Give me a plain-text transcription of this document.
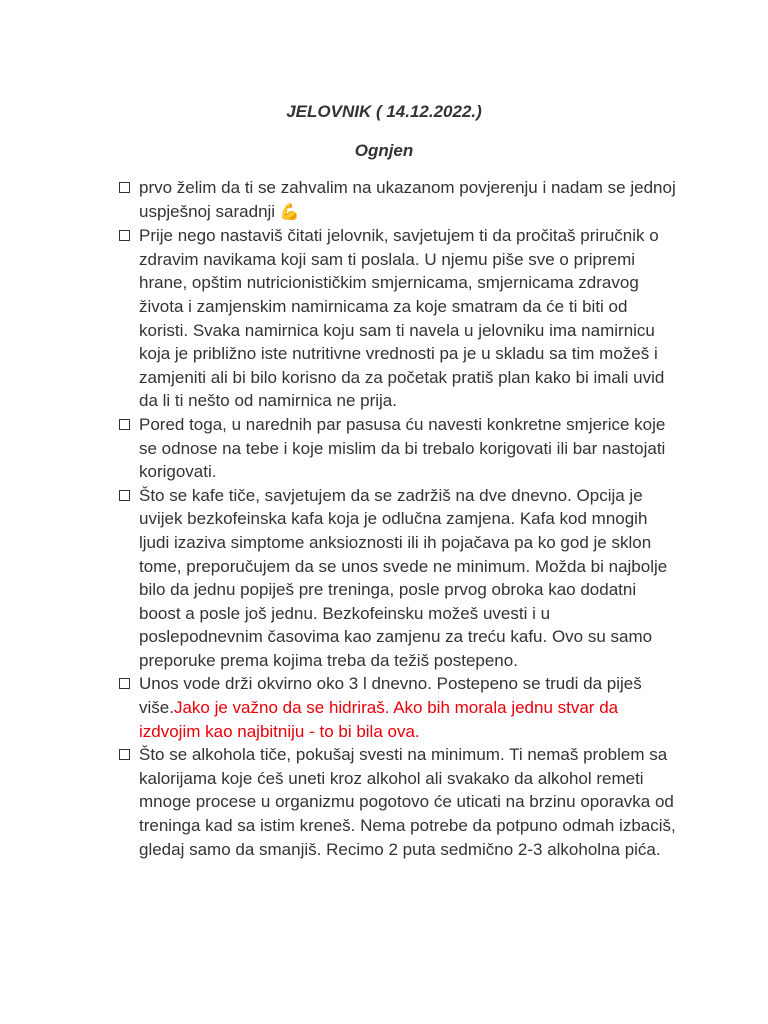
JELOVNIK ( 14.12.2022.)
Ognjen
prvo želim da ti se zahvalim na ukazanom povjerenju i nadam se jednoj uspješnoj saradnji 💪
Prije nego nastaviš čitati jelovnik, savjetujem ti da pročitaš priručnik o zdravim navikama koji sam ti poslala. U njemu piše sve o pripremi hrane, opštim nutricionističkim smjernicama, smjernicama zdravog života i zamjenskim namirnicama za koje smatram da će ti biti od koristi. Svaka namirnica koju sam ti navela u jelovniku ima namirnicu koja je približno iste nutritivne vrednosti pa je u skladu sa tim možeš i zamjeniti ali bi bilo korisno da za početak pratiš plan kako bi imali uvid da li ti nešto od namirnica ne prija.
Pored toga, u narednih par pasusa ću navesti konkretne smjerice koje se odnose na tebe i koje mislim da bi trebalo korigovati ili bar nastojati korigovati.
Što se kafe tiče, savjetujem da se zadržiš na dve dnevno. Opcija je uvijek bezkofeinska kafa koja je odlučna zamjena. Kafa kod mnogih ljudi izaziva simptome anksioznosti ili ih pojačava pa ko god je sklon tome, preporučujem da se unos svede ne minimum. Možda bi najbolje bilo da jednu popiješ pre treninga, posle prvog obroka kao dodatni boost a posle još jednu. Bezkofeinsku možeš uvesti i u poslepodnevnim časovima kao zamjenu za treću kafu. Ovo su samo preporuke prema kojima treba da težiš postepeno.
Unos vode drži okvirno oko 3 l dnevno. Postepeno se trudi da piješ više.Jako je važno da se hidriraš. Ako bih morala jednu stvar da izdvojim kao najbitniju - to bi bila ova.
Što se alkohola tiče, pokušaj svesti na minimum. Ti nemaš problem sa kalorijama koje ćeš uneti kroz alkohol ali svakako da alkohol remeti mnoge procese u organizmu pogotovo će uticati na brzinu oporavka od treninga kad sa istim kreneš. Nema potrebe da potpuno odmah izbaciš, gledaj samo da smanjiš. Recimo 2 puta sedmično 2-3 alkoholna pića.
